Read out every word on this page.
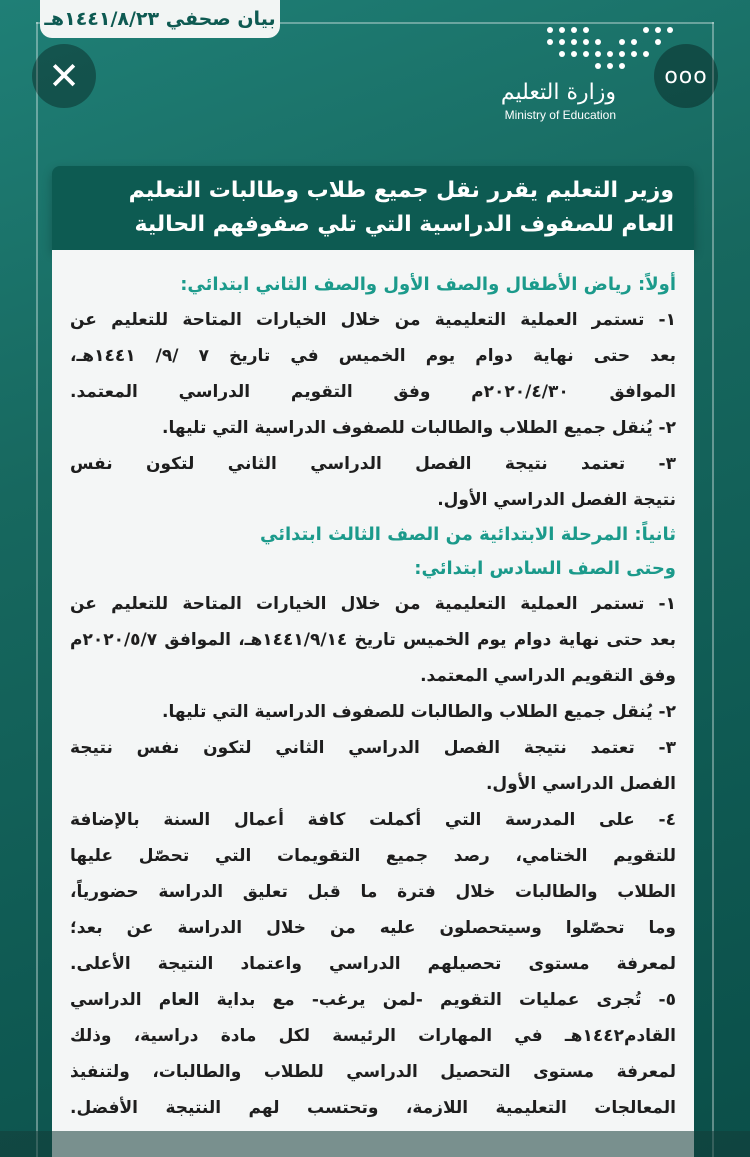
بيان صحفي ١٤٤١/٨/٢٣هـ
✕	ooo
وزارة التعليم
Ministry of Education
وزير التعليم يقرر نقل جميع طلاب وطالبات التعليم
العام للصفوف الدراسية التي تلي صفوفهم الحالية
أولاً: رياض الأطفال والصف الأول والصف الثاني ابتدائي:
١- تستمر العملية التعليمية من خلال الخيارات المتاحة للتعليم عن
بعد حتى نهاية دوام يوم الخميس في تاريخ ٧ /٩/ ١٤٤١هـ،
الموافق ٢٠٢٠/٤/٣٠م وفق التقويم الدراسي المعتمد.
٢- يُنقل جميع الطلاب والطالبات للصفوف الدراسية التي تليها.
٣- تعتمد نتيجة الفصل الدراسي الثاني لتكون نفس
نتيجة الفصل الدراسي الأول.
ثانياً: المرحلة الابتدائية من الصف الثالث ابتدائي
وحتى الصف السادس ابتدائي:
١- تستمر العملية التعليمية من خلال الخيارات المتاحة للتعليم عن
بعد حتى نهاية دوام يوم الخميس تاريخ ١٤٤١/٩/١٤هـ، الموافق ٢٠٢٠/٥/٧م
وفق التقويم الدراسي المعتمد.
٢- يُنقل جميع الطلاب والطالبات للصفوف الدراسية التي تليها.
٣- تعتمد نتيجة الفصل الدراسي الثاني لتكون نفس نتيجة
الفصل الدراسي الأول.
٤- على المدرسة التي أكملت كافة أعمال السنة بالإضافة
للتقويم الختامي، رصد جميع التقويمات التي تحصّل عليها
الطلاب والطالبات خلال فترة ما قبل تعليق الدراسة حضورياً،
وما تحصّلوا وسيتحصلون عليه من خلال الدراسة عن بعد؛
لمعرفة مستوى تحصيلهم الدراسي واعتماد النتيجة الأعلى.
٥- تُجرى عمليات التقويم -لمن يرغب- مع بداية العام الدراسي
القادم١٤٤٢هـ في المهارات الرئيسة لكل مادة دراسية، وذلك
لمعرفة مستوى التحصيل الدراسي للطلاب والطالبات، ولتنفيذ
المعالجات التعليمية اللازمة، وتحتسب لهم النتيجة الأفضل.
